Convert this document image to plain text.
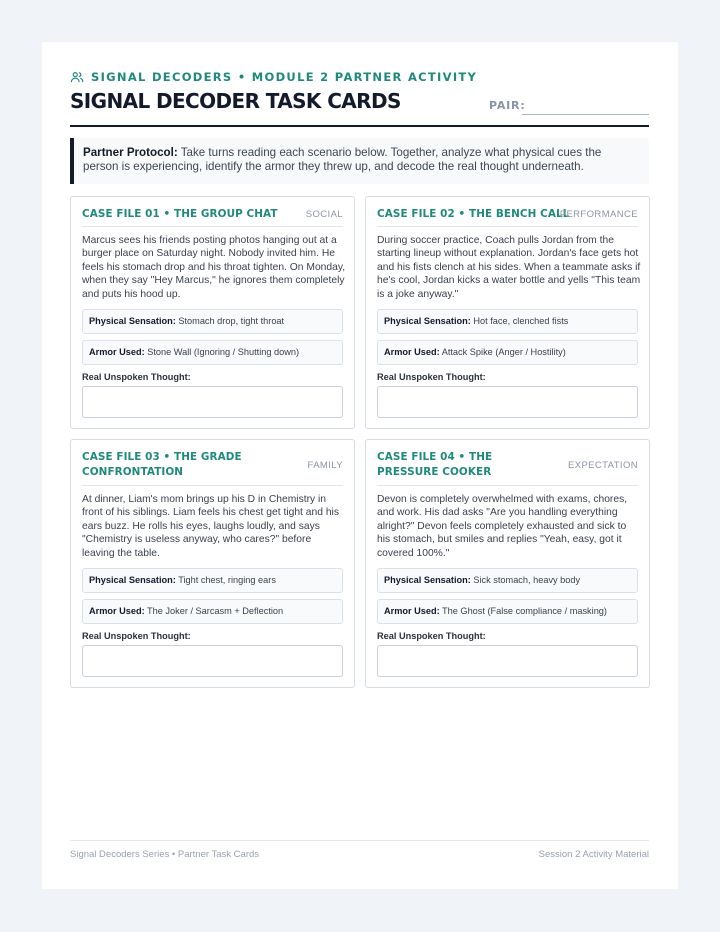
SIGNAL DECODERS • MODULE 2 PARTNER ACTIVITY
SIGNAL DECODER TASK CARDS	PAIR:
Partner Protocol: Take turns reading each scenario below. Together, analyze what physical cues the person is experiencing, identify the armor they threw up, and decode the real thought underneath.
CASE FILE 01 • THE GROUP CHAT	SOCIAL
Marcus sees his friends posting photos hanging out at a burger place on Saturday night. Nobody invited him. He feels his stomach drop and his throat tighten. On Monday, when they say "Hey Marcus," he ignores them completely and puts his hood up.
Physical Sensation: Stomach drop, tight throat
Armor Used: Stone Wall (Ignoring / Shutting down)
Real Unspoken Thought:
CASE FILE 02 • THE BENCH CALL
PERFORMANCE
During soccer practice, Coach pulls Jordan from the starting lineup without explanation. Jordan's face gets hot and his fists clench at his sides. When a teammate asks if he's cool, Jordan kicks a water bottle and yells "This team is a joke anyway."
Physical Sensation: Hot face, clenched fists
Armor Used: Attack Spike (Anger / Hostility)
Real Unspoken Thought:
CASE FILE 03 • THE GRADE CONFRONTATION
FAMILY
At dinner, Liam's mom brings up his D in Chemistry in front of his siblings. Liam feels his chest get tight and his ears buzz. He rolls his eyes, laughs loudly, and says "Chemistry is useless anyway, who cares?" before leaving the table.
Physical Sensation: Tight chest, ringing ears
Armor Used: The Joker / Sarcasm + Deflection
Real Unspoken Thought:
CASE FILE 04 • THE PRESSURE COOKER
EXPECTATION
Devon is completely overwhelmed with exams, chores, and work. His dad asks "Are you handling everything alright?" Devon feels completely exhausted and sick to his stomach, but smiles and replies "Yeah, easy, got it covered 100%."
Physical Sensation: Sick stomach, heavy body
Armor Used: The Ghost (False compliance / masking)
Real Unspoken Thought:
Signal Decoders Series • Partner Task Cards	Session 2 Activity Material
